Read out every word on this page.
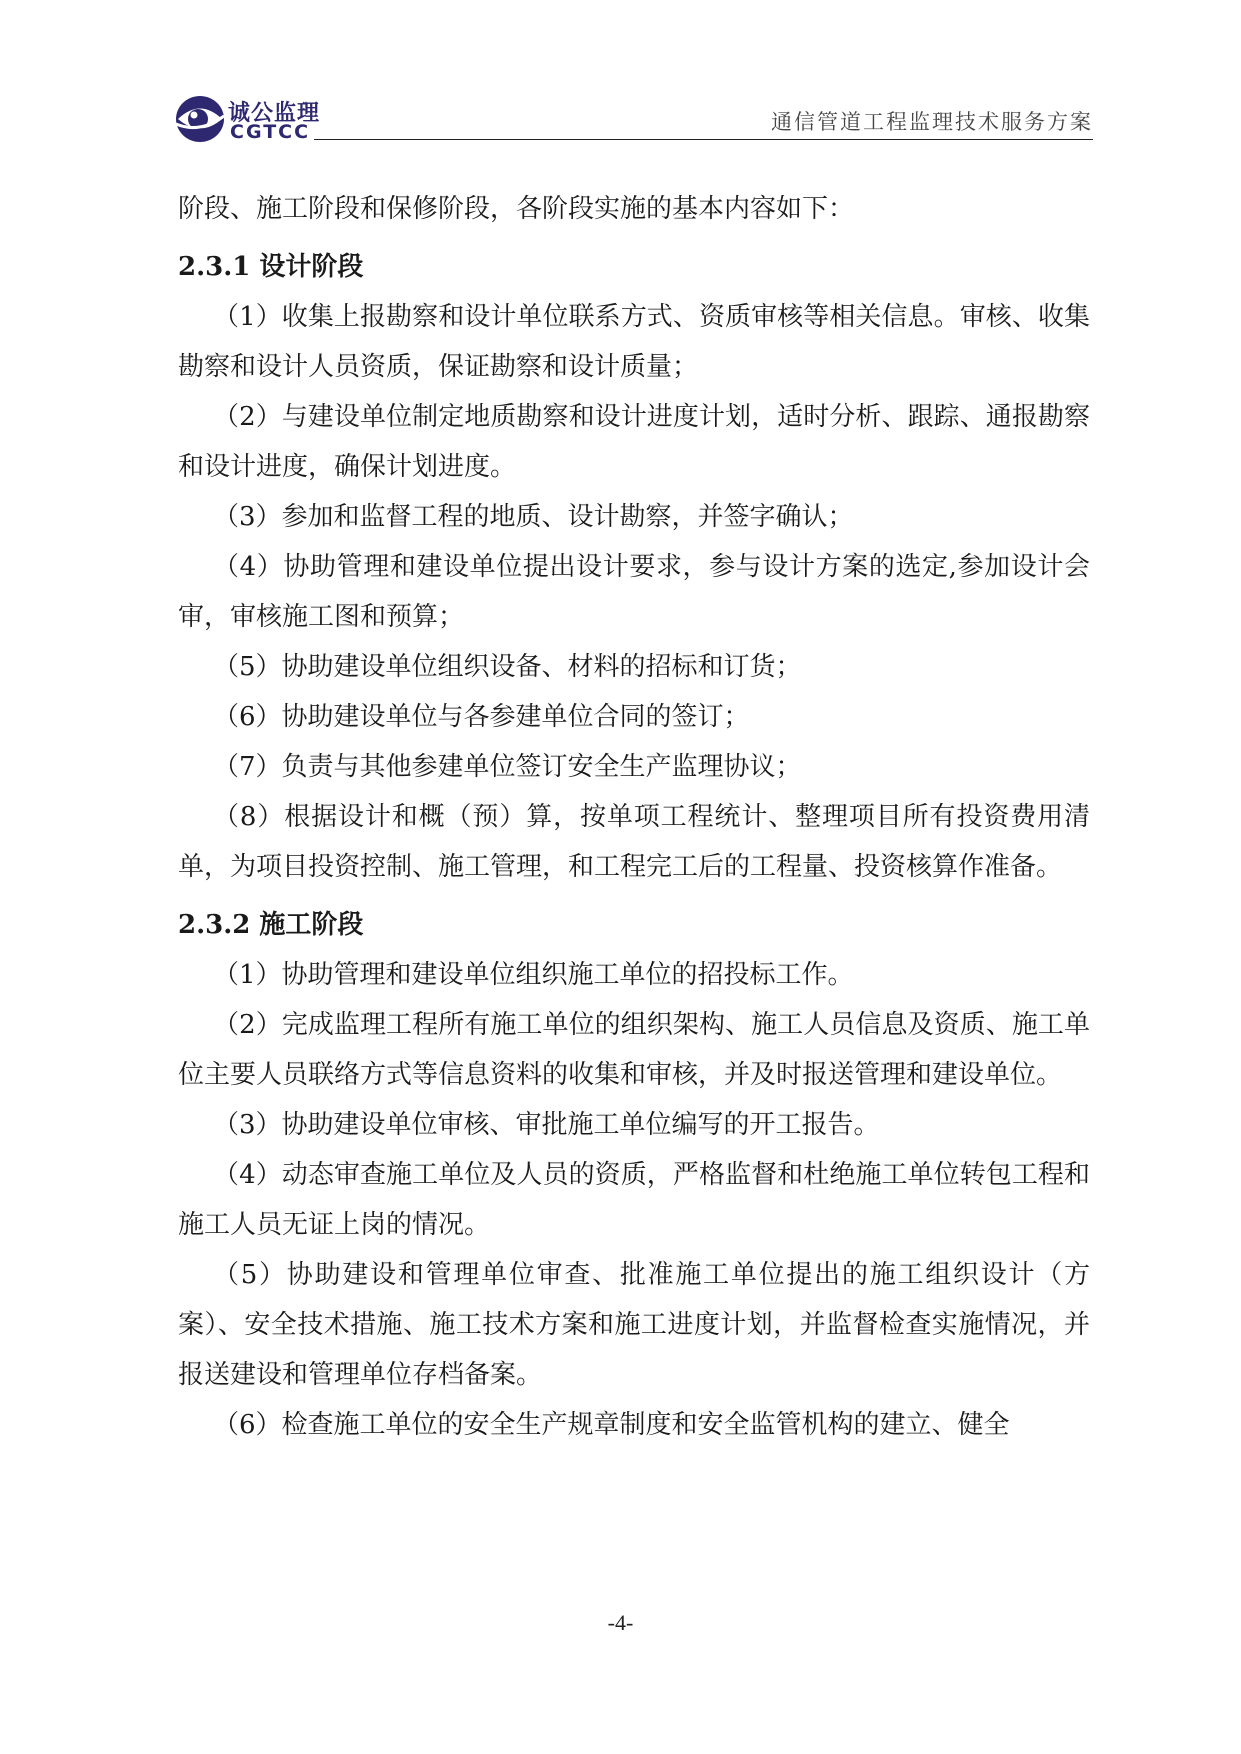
诚公监理
CGTCC	通信管道工程监理技术服务方案

阶段、施工阶段和保修阶段，各阶段实施的基本内容如下：

2.3.1 设计阶段

（1）收集上报勘察和设计单位联系方式、资质审核等相关信息。审核、收集勘察和设计人员资质，保证勘察和设计质量；

（2）与建设单位制定地质勘察和设计进度计划，适时分析、跟踪、通报勘察和设计进度，确保计划进度。

（3）参加和监督工程的地质、设计勘察，并签字确认；

（4）协助管理和建设单位提出设计要求，参与设计方案的选定,参加设计会审，审核施工图和预算；

（5）协助建设单位组织设备、材料的招标和订货；

（6）协助建设单位与各参建单位合同的签订；

（7）负责与其他参建单位签订安全生产监理协议；

（8）根据设计和概（预）算，按单项工程统计、整理项目所有投资费用清单，为项目投资控制、施工管理，和工程完工后的工程量、投资核算作准备。

2.3.2 施工阶段

（1）协助管理和建设单位组织施工单位的招投标工作。

（2）完成监理工程所有施工单位的组织架构、施工人员信息及资质、施工单位主要人员联络方式等信息资料的收集和审核，并及时报送管理和建设单位。

（3）协助建设单位审核、审批施工单位编写的开工报告。

（4）动态审查施工单位及人员的资质，严格监督和杜绝施工单位转包工程和施工人员无证上岗的情况。

（5）协助建设和管理单位审查、批准施工单位提出的施工组织设计（方案）、安全技术措施、施工技术方案和施工进度计划，并监督检查实施情况，并报送建设和管理单位存档备案。

（6）检查施工单位的安全生产规章制度和安全监管机构的建立、健全

-4-
